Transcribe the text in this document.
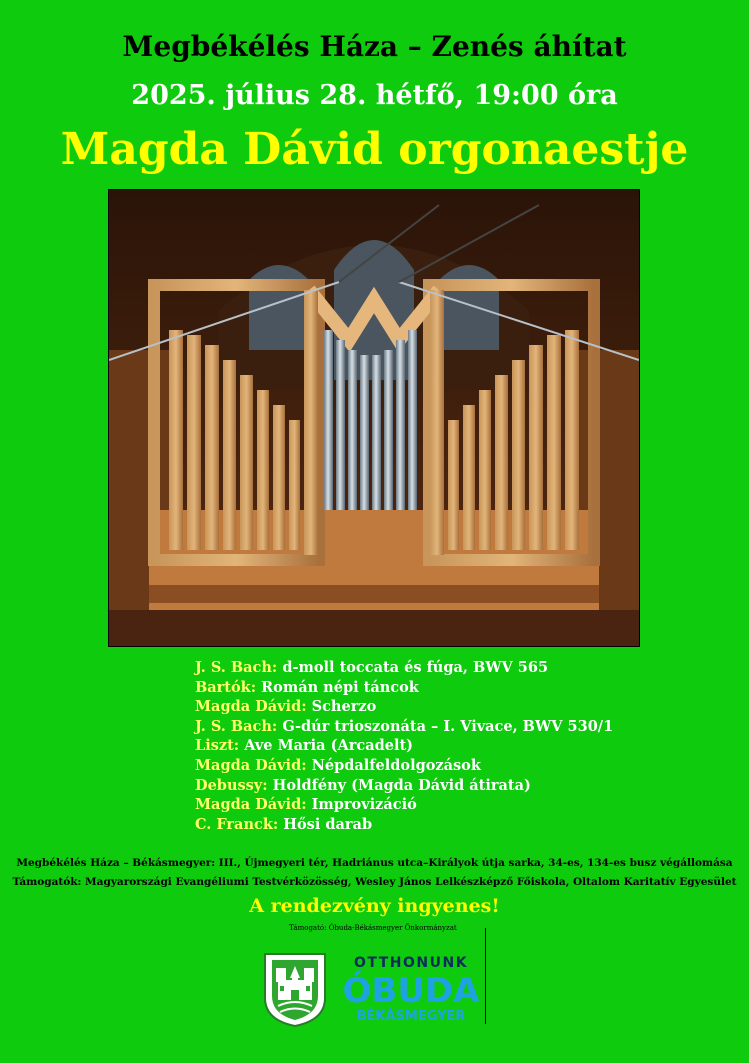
Megbékélés Háza – Zenés áhítat
2025. július 28. hétfő, 19:00 óra
Magda Dávid orgonaestje
J. S. Bach: d-moll toccata és fúga, BWV 565
Bartók: Román népi táncok
Magda Dávid: Scherzo
J. S. Bach: G-dúr trioszonáta – I. Vivace, BWV 530/1
Liszt: Ave Maria (Arcadelt)
Magda Dávid: Népdalfeldolgozások
Debussy: Holdfény (Magda Dávid átirata)
Magda Dávid: Improvizáció
C. Franck: Hősi darab
Megbékélés Háza – Békásmegyer: III., Újmegyeri tér, Hadriánus utca–Királyok útja sarka, 34-es, 134-es busz végállomása
Támogatók: Magyarországi Evangéliumi Testvérközösség, Wesley János Lelkészképző Főiskola, Oltalom Karitatív Egyesület
A rendezvény ingyenes!
Támogató: Óbuda-Békásmegyer Önkormányzat
OTTHONUNK
ÓBUDA
BÉKÁSMEGYER
